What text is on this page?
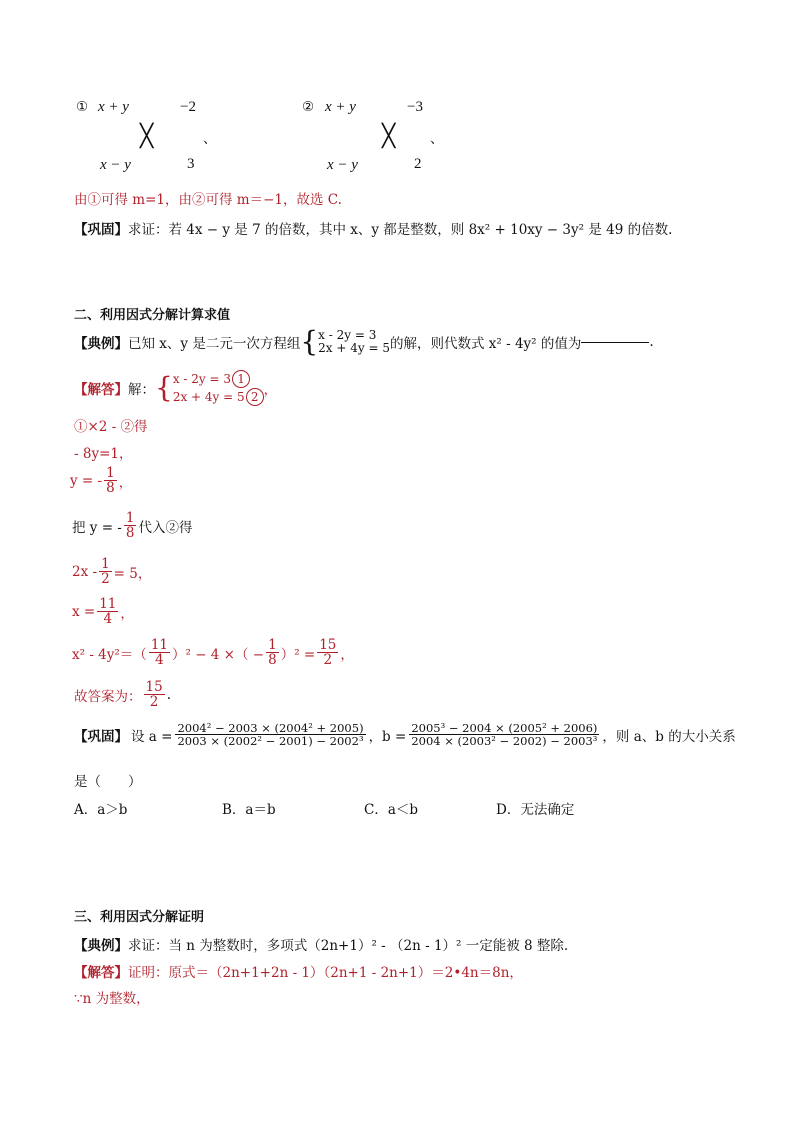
① x + y	−2
╳	、
x − y	3
② x + y	−3
╳	、
x − y	2
由①可得 m=1，由②可得 m＝−1，故选 C.
【巩固】求证：若 4x − y 是 7 的倍数，其中 x、y 都是整数，则 8x² + 10xy − 3y² 是 49 的倍数.
二、利用因式分解计算求值
【典例】 已知 x、y 是二元一次方程组 { x - 2y = 3
2x + 4y = 5 的解，则代数式 x² - 4y² 的值为	.
【解答】 解： { x - 2y = 3 1
2x + 4y = 5 2 ，
①×2 - ②得
- 8y=1，
y = - $\frac{1}{8}$ ，
把 y = - $\frac{1}{8}$ 代入②得
$2x - \frac{1}{2} = 5$，
$x = \frac{11}{4}$ ，
$x^2 - 4y^2=( \frac{11}{4} )^2 - 4$ ×（ − $\frac{1}{8} )^2 = \frac{15}{2}$ ，
故答案为： $\frac{15}{2}$ .
【巩固】 设 $a = \frac{\text{2004² − 2003 × (2004² + 2005)}}{\text{2003 × (2002² − 2001) − 2002³}}$ ，$b = \frac{\text{2005³ − 2004 × (2005² + 2006)}}{\text{2004 × (2003² − 2002) − 2003³}}$ ，则 a、b 的大小关系
是（　　）
A．a＞b	B．a＝b	C．a＜b	D．无法确定
三、利用因式分解证明
【典例】求证：当 n 为整数时，多项式（2n+1）² - （2n - 1）² 一定能被 8 整除.
【解答】证明：原式＝（2n+1+2n - 1）（2n+1 - 2n+1）＝2•4n＝8n，
∵n 为整数，
